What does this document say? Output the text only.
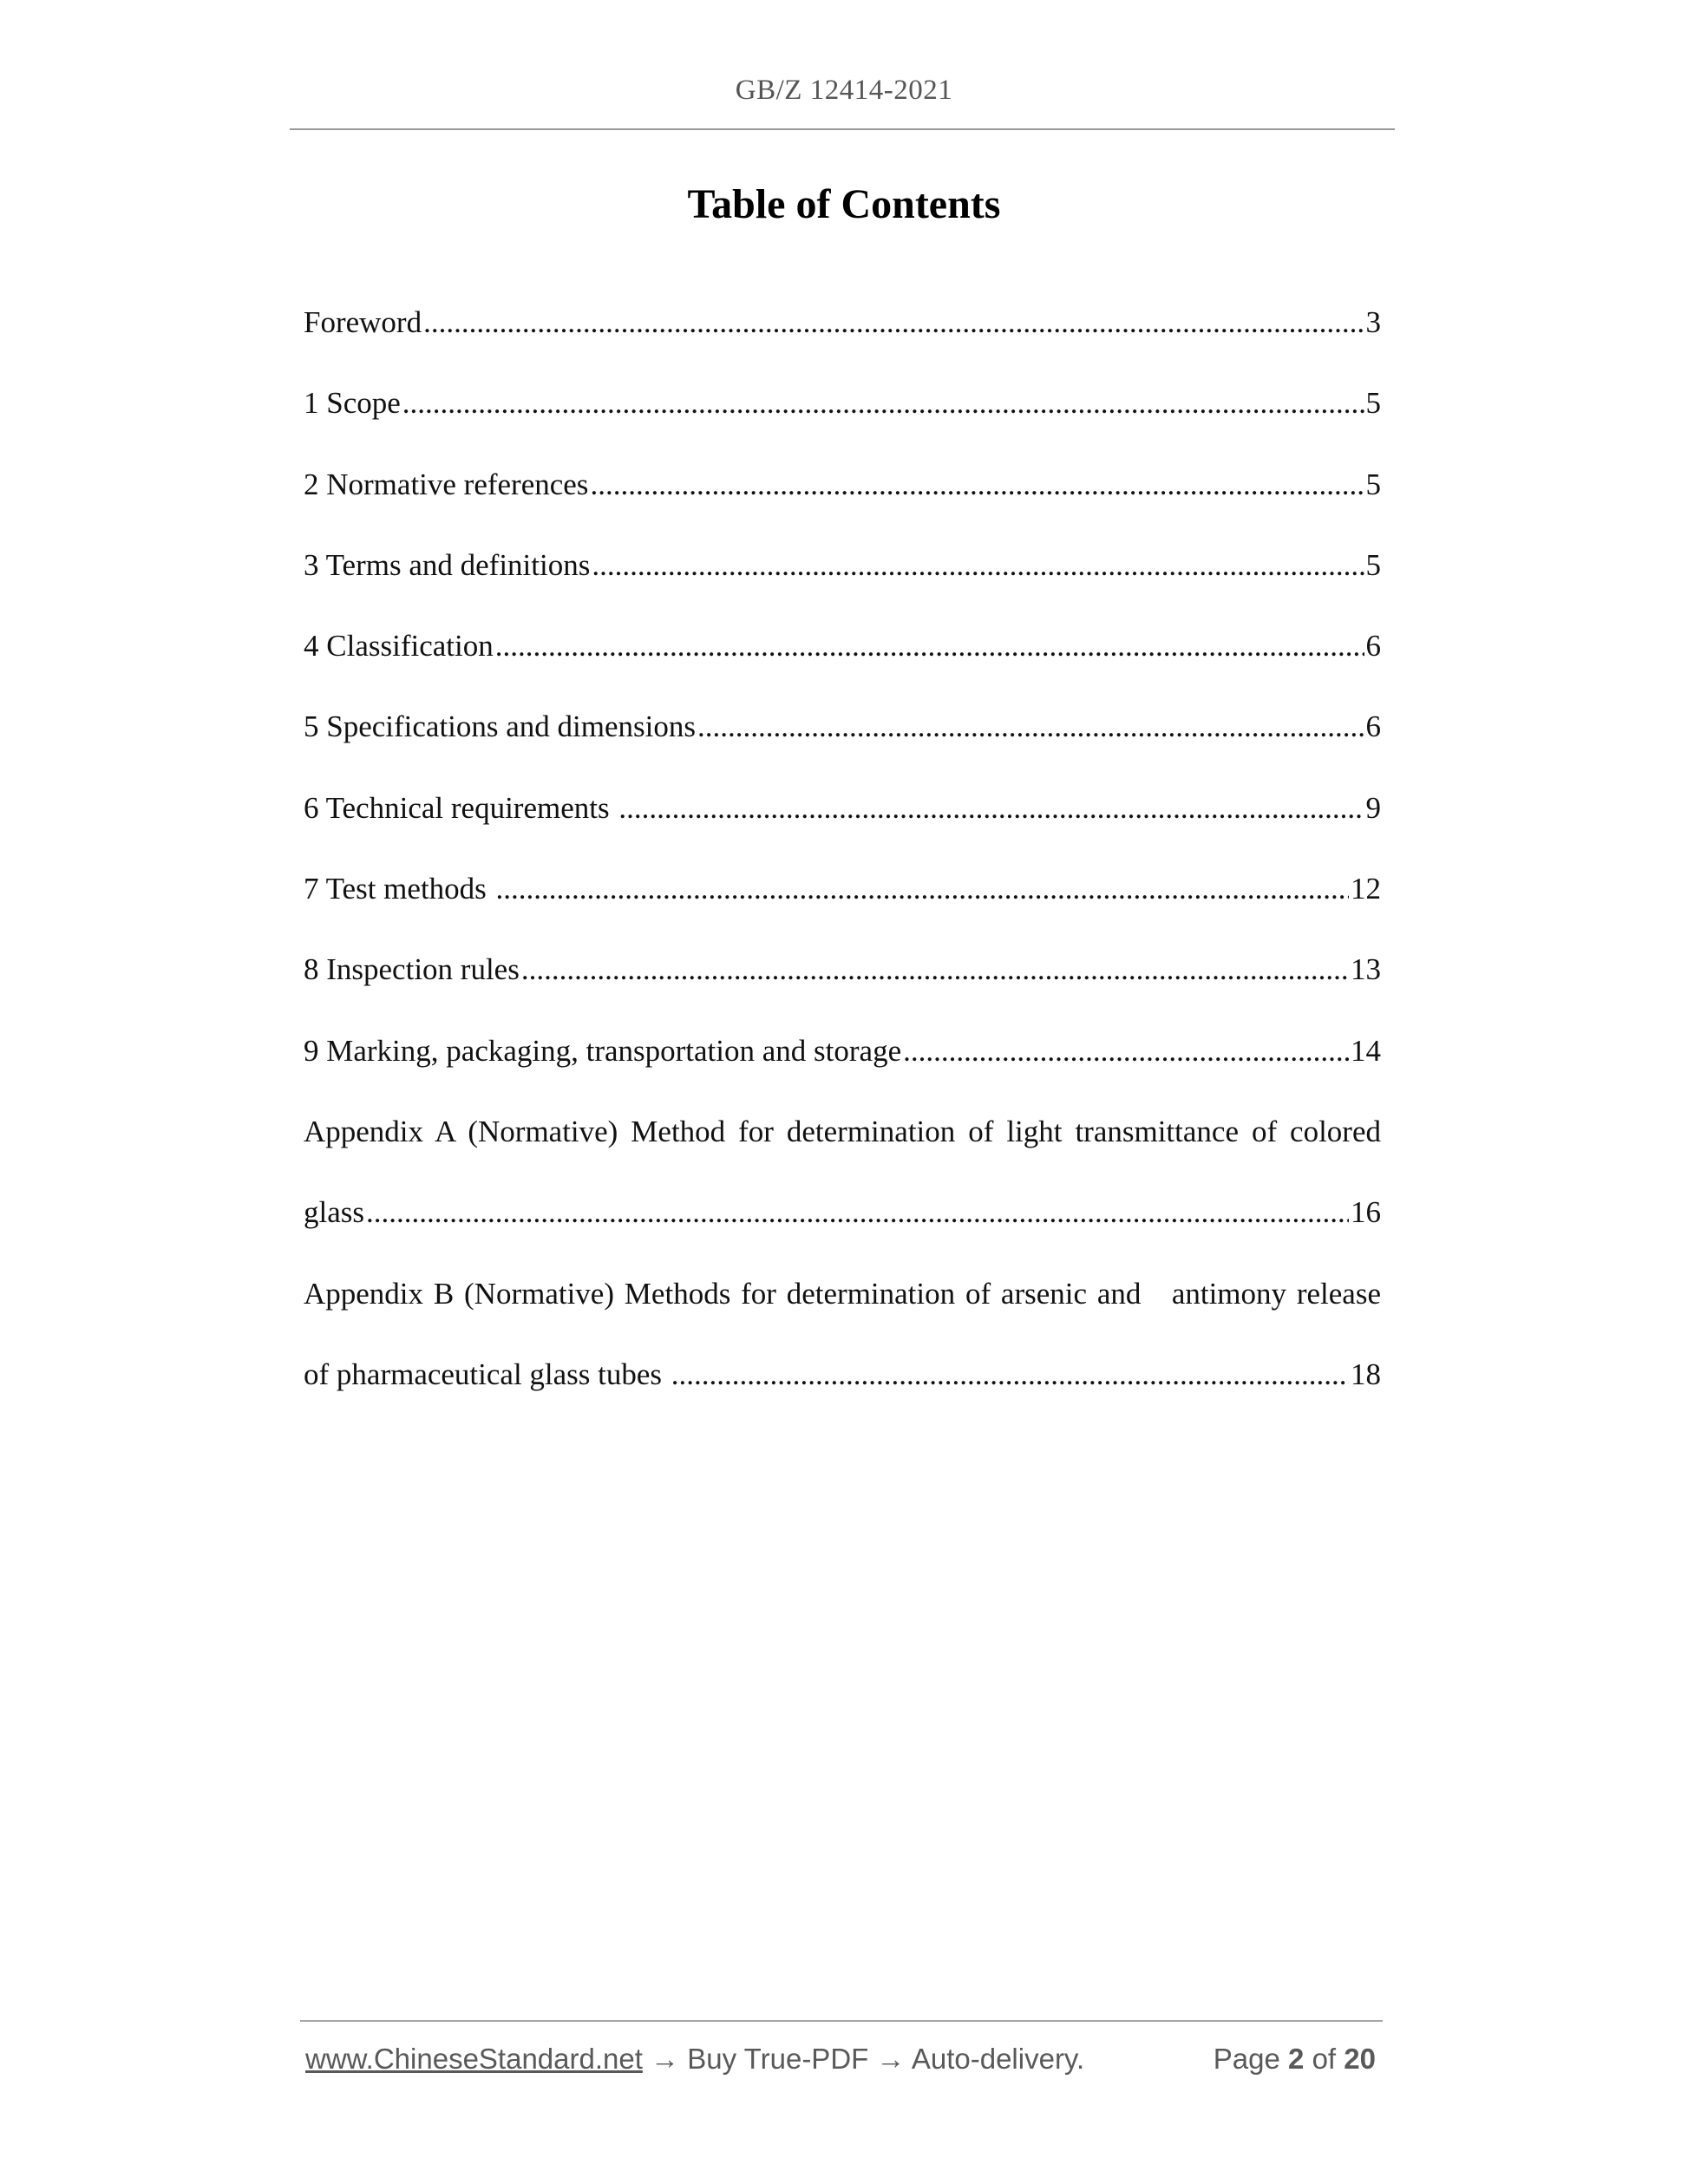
GB/Z 12414-2021
Table of Contents
Foreword .....	3
1 Scope .....	5
2 Normative references .....	5
3 Terms and definitions .....	5
4 Classification .....	6
5 Specifications and dimensions .....	6
6 Technical requirements .....	9
7 Test methods .....	12
8 Inspection rules .....	13
9 Marking, packaging, transportation and storage .....	14
Appendix A (Normative) Method for determination of light transmittance of colored
glass .....	16
Appendix B (Normative) Methods for determination of arsenic and   antimony release
of pharmaceutical glass tubes .....	18
www.ChineseStandard.net → Buy True-PDF → Auto-delivery.	Page 2 of 20
